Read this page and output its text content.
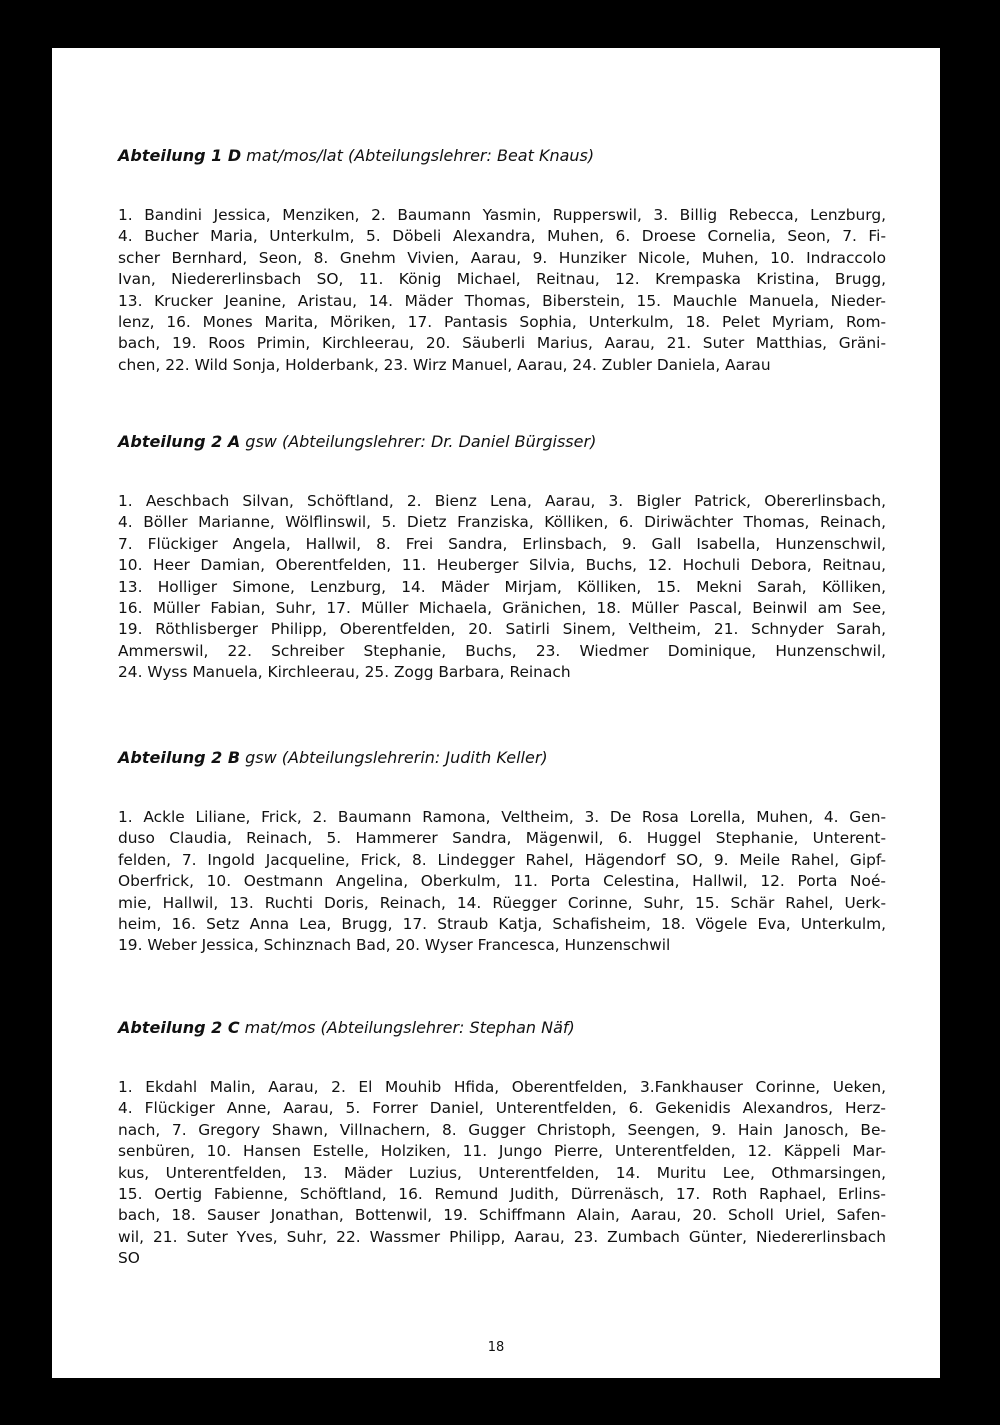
Abteilung 1 D mat/mos/lat (Abteilungslehrer: Beat Knaus)

1. Bandini Jessica, Menziken, 2. Baumann Yasmin, Rupperswil, 3. Billig Rebecca, Lenzburg,
4. Bucher Maria, Unterkulm, 5. Döbeli Alexandra, Muhen, 6. Droese Cornelia, Seon, 7. Fi-
scher Bernhard, Seon, 8. Gnehm Vivien, Aarau, 9. Hunziker Nicole, Muhen, 10. Indraccolo
Ivan, Niedererlinsbach SO, 11. König Michael, Reitnau, 12. Krempaska Kristina, Brugg,
13. Krucker Jeanine, Aristau, 14. Mäder Thomas, Biberstein, 15. Mauchle Manuela, Nieder-
lenz, 16. Mones Marita, Möriken, 17. Pantasis Sophia, Unterkulm, 18. Pelet Myriam, Rom-
bach, 19. Roos Primin, Kirchleerau, 20. Säuberli Marius, Aarau, 21. Suter Matthias, Gräni-
chen, 22. Wild Sonja, Holderbank, 23. Wirz Manuel, Aarau, 24. Zubler Daniela, Aarau

Abteilung 2 A gsw (Abteilungslehrer: Dr. Daniel Bürgisser)

1. Aeschbach Silvan, Schöftland, 2. Bienz Lena, Aarau, 3. Bigler Patrick, Obererlinsbach,
4. Böller Marianne, Wölflinswil, 5. Dietz Franziska, Kölliken, 6. Diriwächter Thomas, Reinach,
7. Flückiger Angela, Hallwil, 8. Frei Sandra, Erlinsbach, 9. Gall Isabella, Hunzenschwil,
10. Heer Damian, Oberentfelden, 11. Heuberger Silvia, Buchs, 12. Hochuli Debora, Reitnau,
13. Holliger Simone, Lenzburg, 14. Mäder Mirjam, Kölliken, 15. Mekni Sarah, Kölliken,
16. Müller Fabian, Suhr, 17. Müller Michaela, Gränichen, 18. Müller Pascal, Beinwil am See,
19. Röthlisberger Philipp, Oberentfelden, 20. Satirli Sinem, Veltheim, 21. Schnyder Sarah,
Ammerswil, 22. Schreiber Stephanie, Buchs, 23. Wiedmer Dominique, Hunzenschwil,
24. Wyss Manuela, Kirchleerau, 25. Zogg Barbara, Reinach

Abteilung 2 B gsw (Abteilungslehrerin: Judith Keller)

1. Ackle Liliane, Frick, 2. Baumann Ramona, Veltheim, 3. De Rosa Lorella, Muhen, 4. Gen-
duso Claudia, Reinach, 5. Hammerer Sandra, Mägenwil, 6. Huggel Stephanie, Unterent-
felden, 7. Ingold Jacqueline, Frick, 8. Lindegger Rahel, Hägendorf SO, 9. Meile Rahel, Gipf-
Oberfrick, 10. Oestmann Angelina, Oberkulm, 11. Porta Celestina, Hallwil, 12. Porta Noé-
mie, Hallwil, 13. Ruchti Doris, Reinach, 14. Rüegger Corinne, Suhr, 15. Schär Rahel, Uerk-
heim, 16. Setz Anna Lea, Brugg, 17. Straub Katja, Schafisheim, 18. Vögele Eva, Unterkulm,
19. Weber Jessica, Schinznach Bad, 20. Wyser Francesca, Hunzenschwil

Abteilung 2 C mat/mos (Abteilungslehrer: Stephan Näf)

1. Ekdahl Malin, Aarau, 2. El Mouhib Hfida, Oberentfelden, 3.Fankhauser Corinne, Ueken,
4. Flückiger Anne, Aarau, 5. Forrer Daniel, Unterentfelden, 6. Gekenidis Alexandros, Herz-
nach, 7. Gregory Shawn, Villnachern, 8. Gugger Christoph, Seengen, 9. Hain Janosch, Be-
senbüren, 10. Hansen Estelle, Holziken, 11. Jungo Pierre, Unterentfelden, 12. Käppeli Mar-
kus, Unterentfelden, 13. Mäder Luzius, Unterentfelden, 14. Muritu Lee, Othmarsingen,
15. Oertig Fabienne, Schöftland, 16. Remund Judith, Dürrenäsch, 17. Roth Raphael, Erlins-
bach, 18. Sauser Jonathan, Bottenwil, 19. Schiffmann Alain, Aarau, 20. Scholl Uriel, Safen-
wil, 21. Suter Yves, Suhr, 22. Wassmer Philipp, Aarau, 23. Zumbach Günter, Niedererlinsbach
SO
18
